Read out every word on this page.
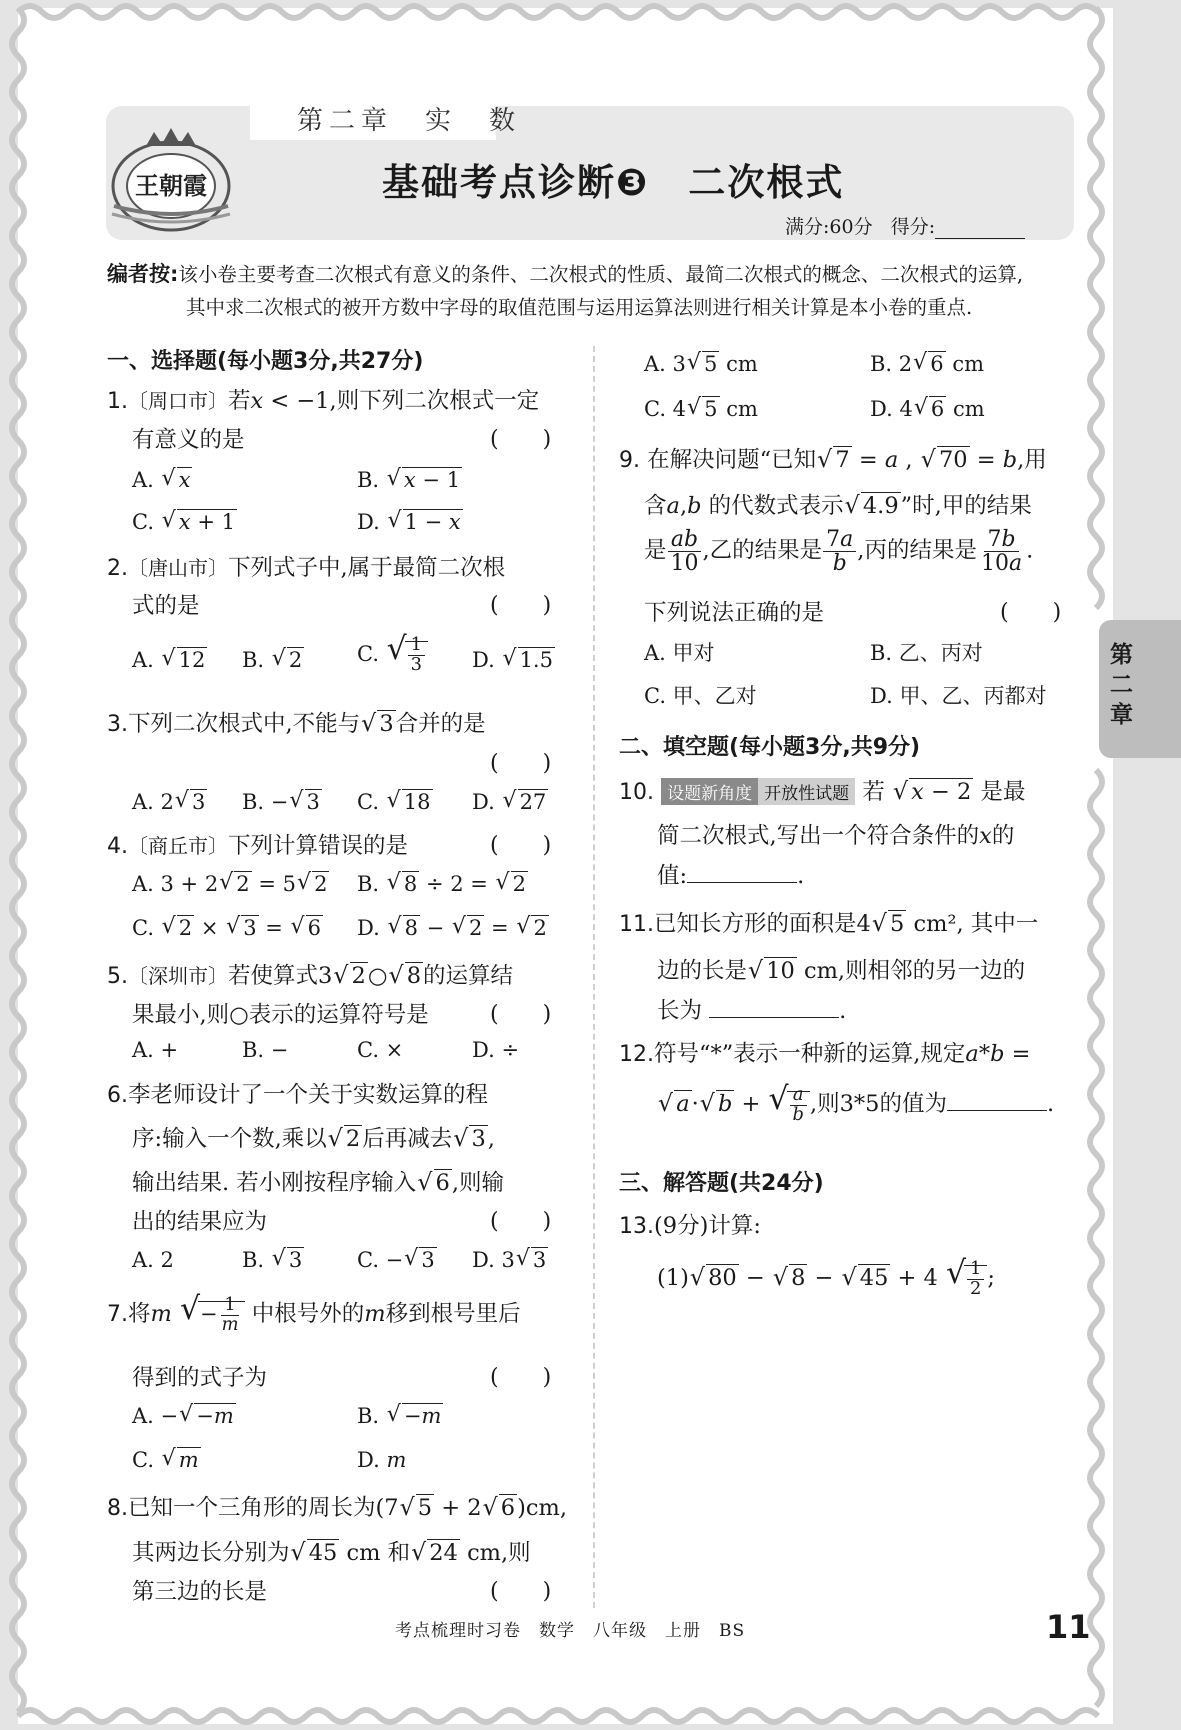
王朝霞
第二章　实　数
基础考点诊断❸　二次根式
满分:60分 得分:
编者按:该小卷主要考查二次根式有意义的条件、二次根式的性质、最简二次根式的概念、二次根式的运算,
其中求二次根式的被开方数中字母的取值范围与运用运算法则进行相关计算是本小卷的重点.
一、选择题(每小题3分,共27分)
1.〔周口市〕若x < −1,则下列二次根式一定
有意义的是	(　　)
A. √ x	B. √ x − 1
C. √ x + 1	D. √ 1 − x
2.〔唐山市〕下列式子中,属于最简二次根
式的是	(　　)
A. √ 12 B. √ 2	C. √ $\frac{1}{3} D$. √ 1.5
3.下列二次根式中,不能与 √ 3合并的是
(　　)
A. 2 √ 3 B. − √ 3 C. √ 18 D. √ 27
4.〔商丘市〕下列计算错误的是	(　　)
A. 3 + 2 √ 2 = 5 √ 2 B. √ 8 ÷ 2 = √ 2
C. √ 2 × √ 3 = √ 6 D. √ 8 − √ 2 = √ 2
5.〔深圳市〕若使算式3 √ 2○ √ 8的运算结
果最小,则○表示的运算符号是	(　　)
A. +	B. −	C. ×	D. ÷
6.李老师设计了一个关于实数运算的程
序:输入一个数,乘以 √ 2后再减去 √ 3,
输出结果. 若小刚按程序输入 √ 6,则输
出的结果应为	(　　)
A. 2	B. √ 3	C. − √ 3 D. 3 √ 3
7.将m √ − $\frac{1}{m}$ 中根号外的m移到根号里后
得到的式子为	(　　)
A. − √ −m	B. √ −m
C. √ m	D. m
8.已知一个三角形的周长为(7 √ 5 + 2 √ 6)cm,
其两边长分别为 √ 45 cm 和 √ 24 cm,则
第三边的长是	(　　)
A. 3 √ 5 cm	B. 2 √ 6 cm
C. 4 √ 5 cm	D. 4 √ 6 cm
9. 在解决问题“已知 √ 7 = a , √ 70 = b,用
含a,b 的代数式表示 √ 4.9”时,甲的结果
是 $\frac{ab}{10}$ ,乙的结果是 $\frac{7a}{b}$ ,丙的结果是 $\frac{7b}{10a}$ .
下列说法正确的是	(　　)
A. 甲对	B. 乙、丙对
C. 甲、乙对	D. 甲、乙、丙都对
二、填空题(每小题3分,共9分)
10. 设题新角度 开放性试题 若 √ x − 2 是最
简二次根式,写出一个符合条件的x的
值:	.
11.已知长方形的面积是4 √ 5 cm², 其中一
边的长是 √ 10 cm,则相邻的另一边的
长为	.
12.符号“*”表示一种新的运算,规定a*b =
√ a· √ b + √ $\frac{a}{b}$ ,则3*5的值为	.
三、解答题(共24分)
13.(9分)计算:
(1) √ 80 − √ 8 − √ 45 + 4 √ $\frac{1}{2}$ ;
第二章
考点梳理时习卷　数学　八年级　上册　BS	11
